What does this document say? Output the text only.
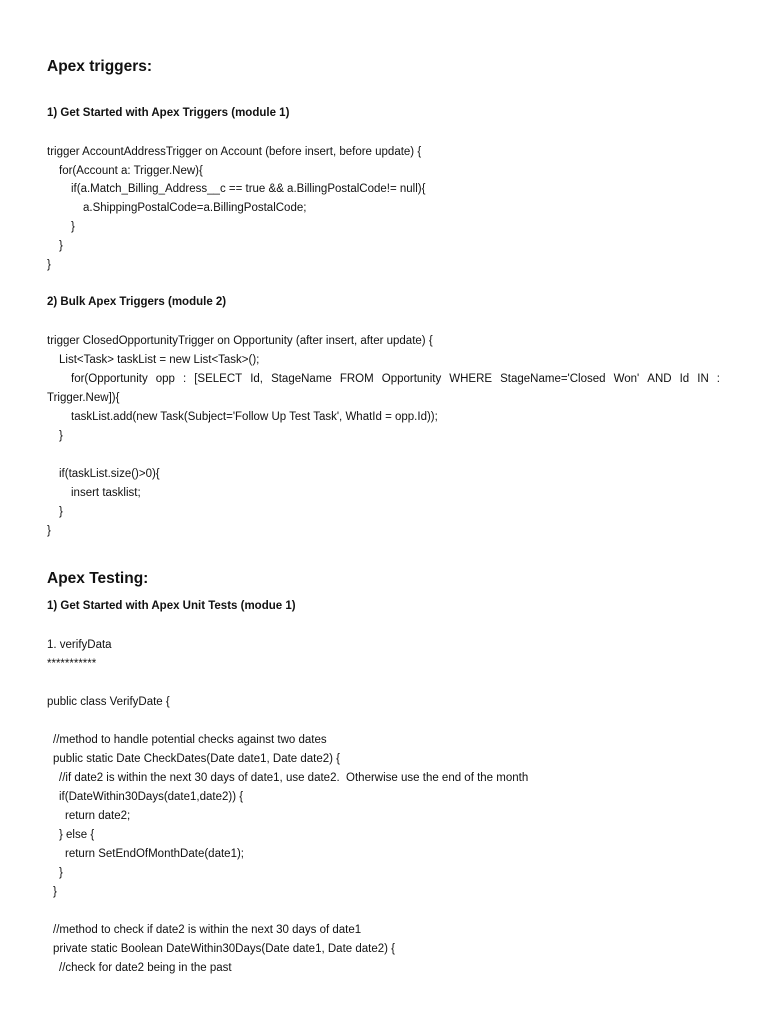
Apex triggers:
1) Get Started with Apex Triggers (module 1)
trigger AccountAddressTrigger on Account (before insert, before update) {
for(Account a: Trigger.New){
if(a.Match_Billing_Address__c == true && a.BillingPostalCode!= null){
a.ShippingPostalCode=a.BillingPostalCode;
}
}
}
2) Bulk Apex Triggers (module 2)
trigger ClosedOpportunityTrigger on Opportunity (after insert, after update) {
List<Task> taskList = new List<Task>();
for(Opportunity opp : [SELECT Id, StageName FROM Opportunity WHERE StageName='Closed Won' AND Id IN :
Trigger.New]){
taskList.add(new Task(Subject='Follow Up Test Task', WhatId = opp.Id));
}
if(taskList.size()>0){
insert tasklist;
}
}
Apex Testing:
1) Get Started with Apex Unit Tests (modue 1)
1. verifyData
***********
public class VerifyDate {
//method to handle potential checks against two dates
public static Date CheckDates(Date date1, Date date2) {
//if date2 is within the next 30 days of date1, use date2.  Otherwise use the end of the month
if(DateWithin30Days(date1,date2)) {
return date2;
} else {
return SetEndOfMonthDate(date1);
}
}
//method to check if date2 is within the next 30 days of date1
private static Boolean DateWithin30Days(Date date1, Date date2) {
//check for date2 being in the past
